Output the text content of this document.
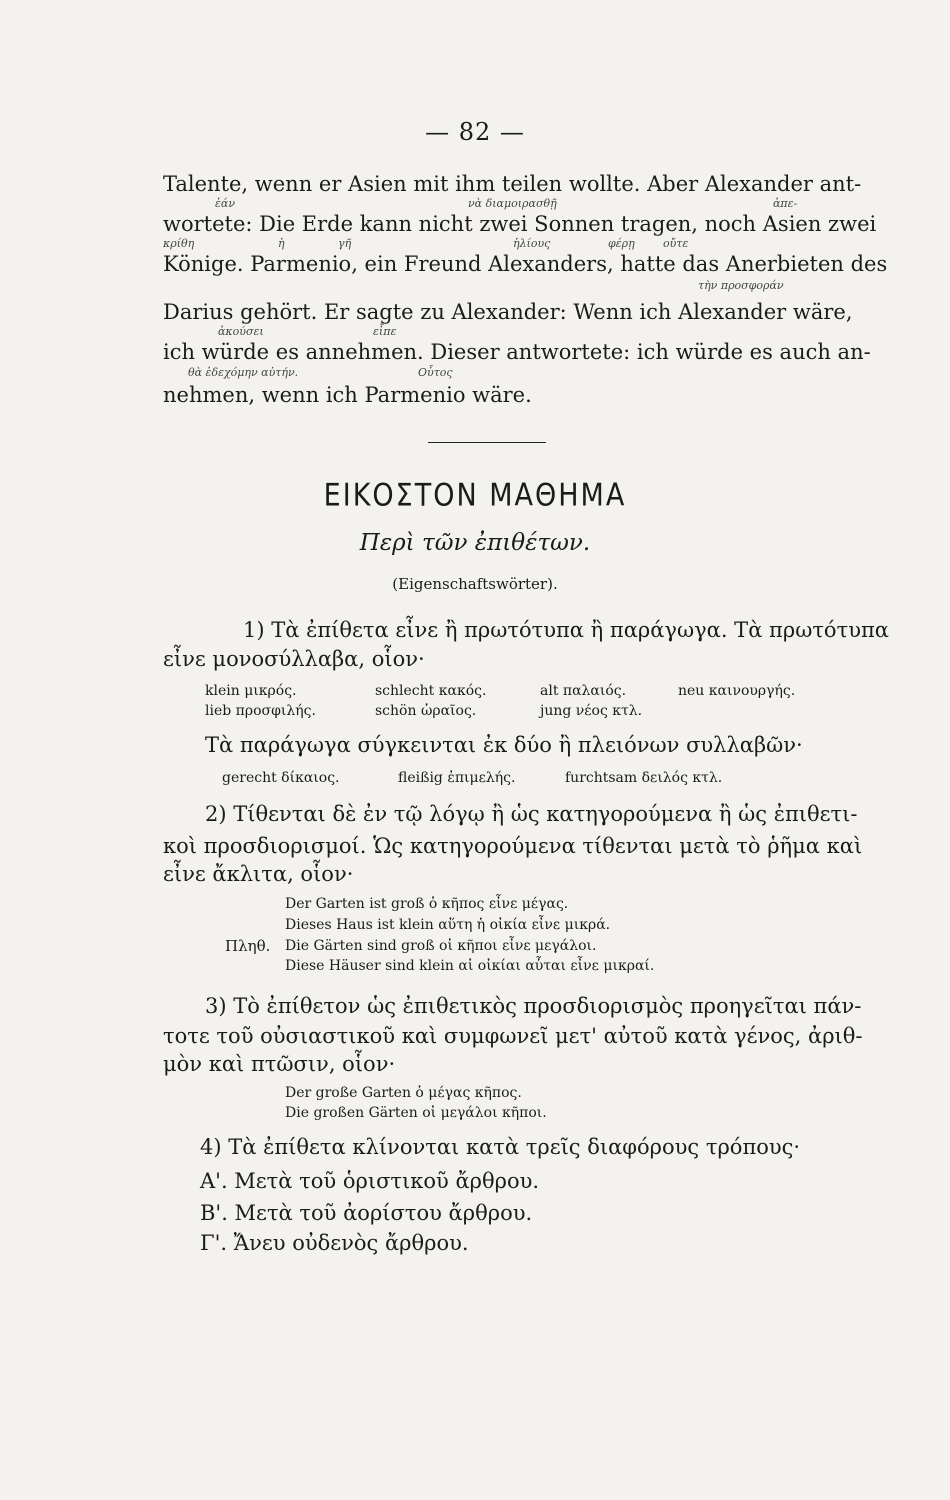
— 82 —
Talente, wenn er Asien mit ihm teilen wollte. Aber Alexander ant-
ἐάν	νὰ διαμοιρασθῇ	ἀπε-
wortete: Die Erde kann nicht zwei Sonnen tragen, noch Asien zwei
κρίθη	ἡ	γῆ	ἡλίους	φέρῃ	οὔτε
Könige. Parmenio, ein Freund Alexanders, hatte das Anerbieten des
τὴν προσφοράν
Darius gehört. Er sagte zu Alexander: Wenn ich Alexander wäre,
ἀκούσει	εἶπε
ich würde es annehmen. Dieser antwortete: ich würde es auch an-
θὰ ἐδεχόμην αὐτήν.	Οὗτος
nehmen, wenn ich Parmenio wäre.
ΕΙΚΟΣΤΟΝ ΜΑΘΗΜΑ
Περὶ τῶν ἐπιθέτων.
(Eigenschaftswörter).
1) Τὰ ἐπίθετα εἶνε ἢ πρωτότυπα ἢ παράγωγα. Τὰ πρωτότυπα
εἶνε μονοσύλλαβα, οἷον·
klein μικρός.	schlecht κακός.	alt παλαιός.	neu καινουργής.
lieb προσφιλής.	schön ὡραῖος.	jung νέος κτλ.
Τὰ παράγωγα σύγκεινται ἐκ δύο ἢ πλειόνων συλλαβῶν·
gerecht δίκαιος.	fleißig ἐπιμελής.	furchtsam δειλός κτλ.
2) Τίθενται δὲ ἐν τῷ λόγῳ ἢ ὡς κατηγορούμενα ἢ ὡς ἐπιθετι-
κοὶ προσδιορισμοί. Ὡς κατηγορούμενα τίθενται μετὰ τὸ ῥῆμα καὶ
εἶνε ἄκλιτα, οἷον·
Der Garten ist groß ὁ κῆπος εἶνε μέγας.
Dieses Haus ist klein αὕτη ἡ οἰκία εἶνε μικρά.
Πληθ. Die Gärten sind groß οἱ κῆποι εἶνε μεγάλοι.
Diese Häuser sind klein αἱ οἰκίαι αὗται εἶνε μικραί.
3) Τὸ ἐπίθετον ὡς ἐπιθετικὸς προσδιορισμὸς προηγεῖται πάν-
τοτε τοῦ οὐσιαστικοῦ καὶ συμφωνεῖ μετ' αὐτοῦ κατὰ γένος, ἀριθ-
μὸν καὶ πτῶσιν, οἷον·
Der große Garten ὁ μέγας κῆπος.
Die großen Gärten οἱ μεγάλοι κῆποι.
4) Τὰ ἐπίθετα κλίνονται κατὰ τρεῖς διαφόρους τρόπους·
Α'. Μετὰ τοῦ ὁριστικοῦ ἄρθρου.
Β'. Μετὰ τοῦ ἀορίστου ἄρθρου.
Γ'. Ἄνευ οὐδενὸς ἄρθρου.
